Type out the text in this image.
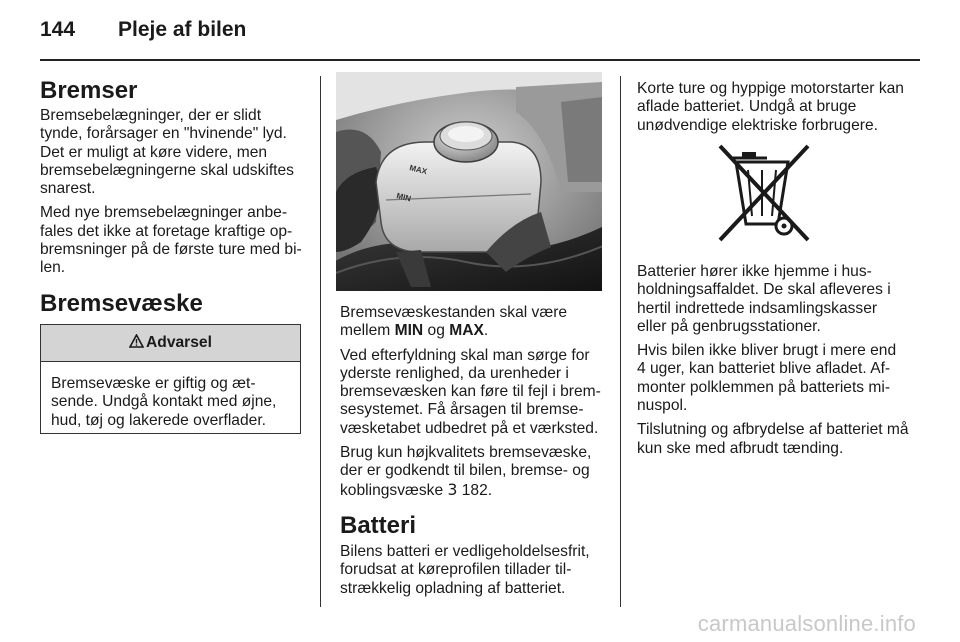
144 Pleje af bilen
Bremser

Bremsebelægninger, der er slidt tynde, forårsager en "hvinende" lyd. Det er muligt at køre videre, men bremsebelægningerne skal udskiftes snarest.

Med nye bremsebelægninger anbe-fales det ikke at foretage kraftige op-bremsninger på de første ture med bi-len.

Bremsevæske
Advarsel
Bremsevæske er giftig og æt-sende. Undgå kontakt med øjne, hud, tøj og lakerede overflader.
MAX
MIN

Bremsevæskestanden skal være mellem MIN og MAX.

Ved efterfyldning skal man sørge for yderste renlighed, da urenheder i bremsevæsken kan føre til fejl i brem-sesystemet. Få årsagen til bremse-væsketabet udbedret på et værksted.

Brug kun højkvalitets bremsevæske, der er godkendt til bilen, bremse- og koblingsvæske 3 182.

Batteri

Bilens batteri er vedligeholdelsesfrit, forudsat at køreprofilen tillader til-strækkelig opladning af batteriet.

Korte ture og hyppige motorstarter kan aflade batteriet. Undgå at bruge unødvendige elektriske forbrugere.

Batterier hører ikke hjemme i hus-holdningsaffaldet. De skal afleveres i hertil indrettede indsamlingskasser eller på genbrugsstationer.

Hvis bilen ikke bliver brugt i mere end 4 uger, kan batteriet blive afladet. Af-monter polklemmen på batteriets mi-nuspol.

Tilslutning og afbrydelse af batteriet må kun ske med afbrudt tænding.

carmanualsonline.info
